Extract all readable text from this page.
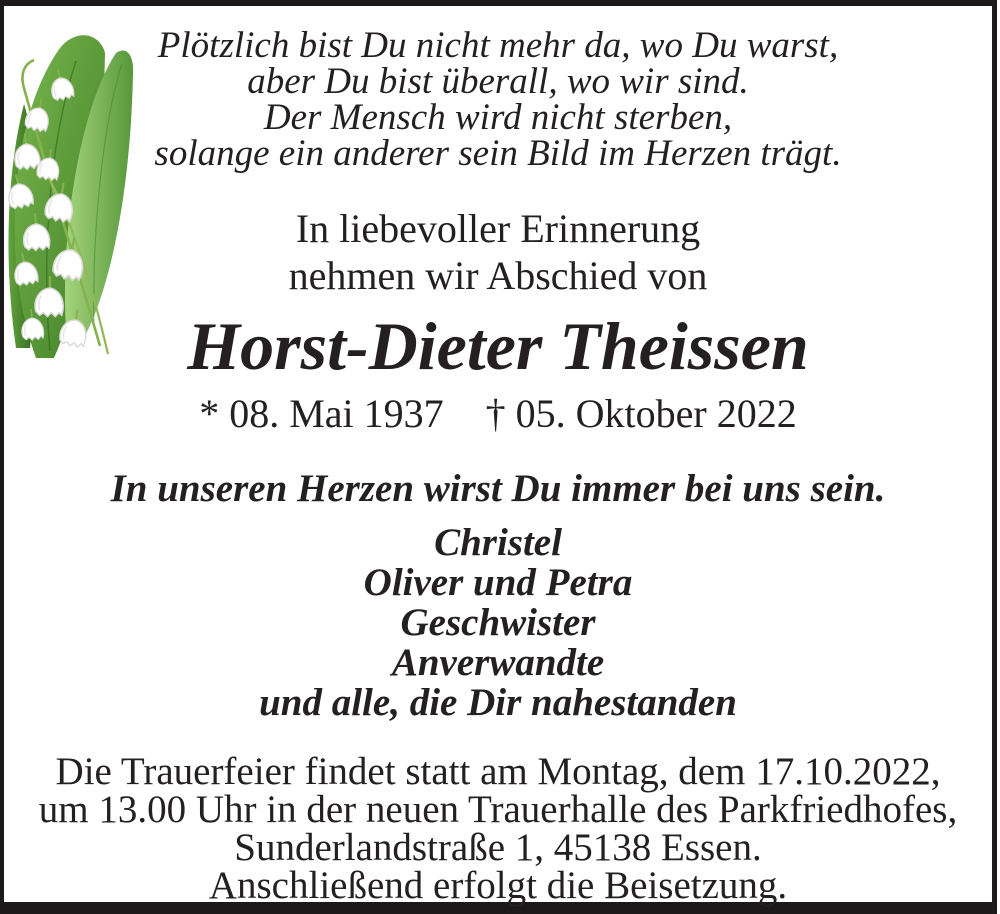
Plötzlich bist Du nicht mehr da, wo Du warst,
aber Du bist überall, wo wir sind.
Der Mensch wird nicht sterben,
solange ein anderer sein Bild im Herzen trägt.
In liebevoller Erinnerung
nehmen wir Abschied von
Horst-Dieter Theissen
* 08. Mai 1937 † 05. Oktober 2022
In unseren Herzen wirst Du immer bei uns sein.
Christel
Oliver und Petra
Geschwister
Anverwandte
und alle, die Dir nahestanden
Die Trauerfeier findet statt am Montag, dem 17.10.2022,
um 13.00 Uhr in der neuen Trauerhalle des Parkfriedhofes,
Sunderlandstraße 1, 45138 Essen.
Anschließend erfolgt die Beisetzung.
